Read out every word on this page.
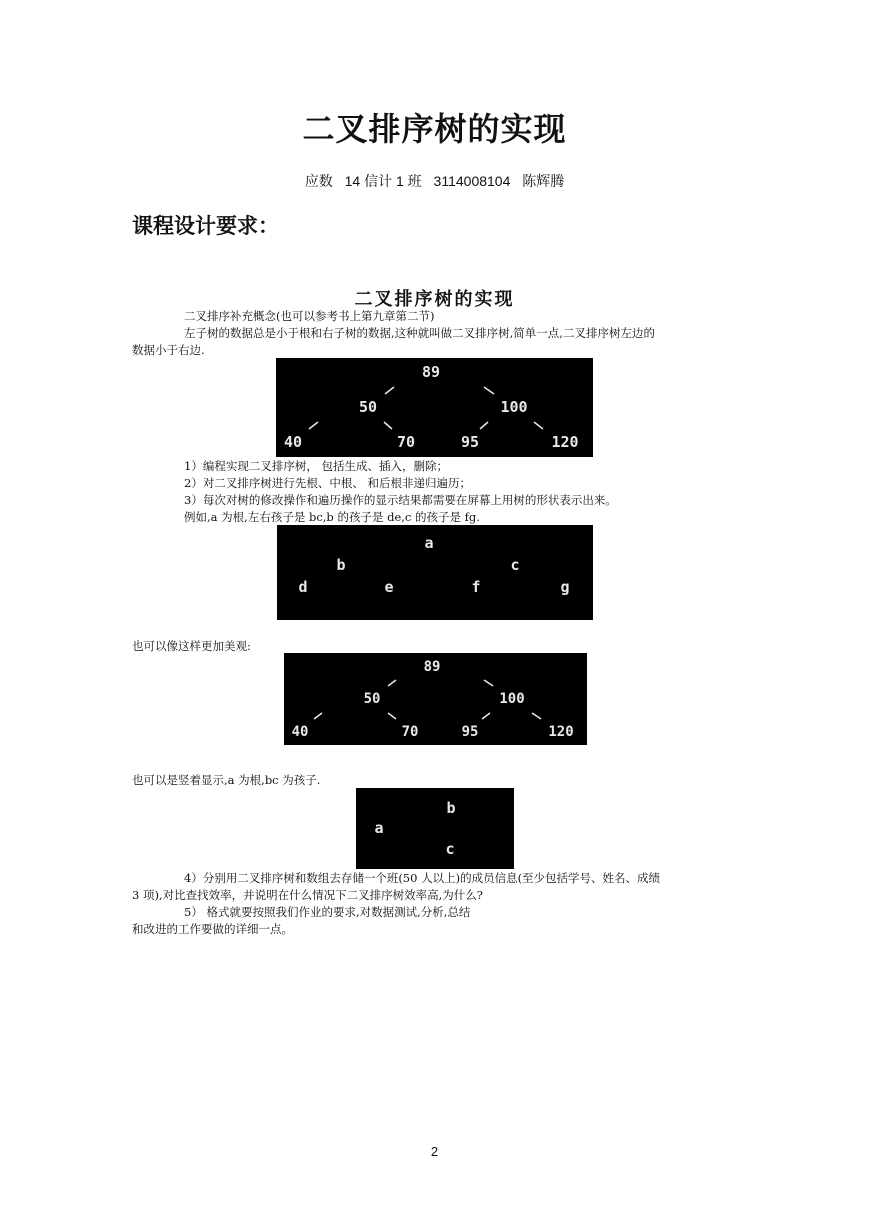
二叉排序树的实现
应数 14 信计 1 班 3114008104 陈辉腾
课程设计要求：
二叉排序树的实现
二叉排序补充概念(也可以参考书上第九章第二节)
左子树的数据总是小于根和右子树的数据,这种就叫做二叉排序树,简单一点,二叉排序树左边的
数据小于右边.
89
50	100
40	70	95	120
1）编程实现二叉排序树， 包括生成、插入，删除；
2）对二叉排序树进行先根、中根、 和后根非递归遍历；
3）每次对树的修改操作和遍历操作的显示结果都需要在屏幕上用树的形状表示出来。
例如,a 为根,左右孩子是 bc,b 的孩子是 de,c 的孩子是 fg.
a
b	c
d	e	f	g
也可以像这样更加美观:
89
50	100
40	70	95	120
也可以是竖着显示,a 为根,bc 为孩子.
b
a
c
4）分别用二叉排序树和数组去存储一个班(50 人以上)的成员信息(至少包括学号、姓名、成绩
3 项),对比查找效率，并说明在什么情况下二叉排序树效率高,为什么?
5） 格式就要按照我们作业的要求,对数据测试,分析,总结
和改进的工作要做的详细一点。
2
